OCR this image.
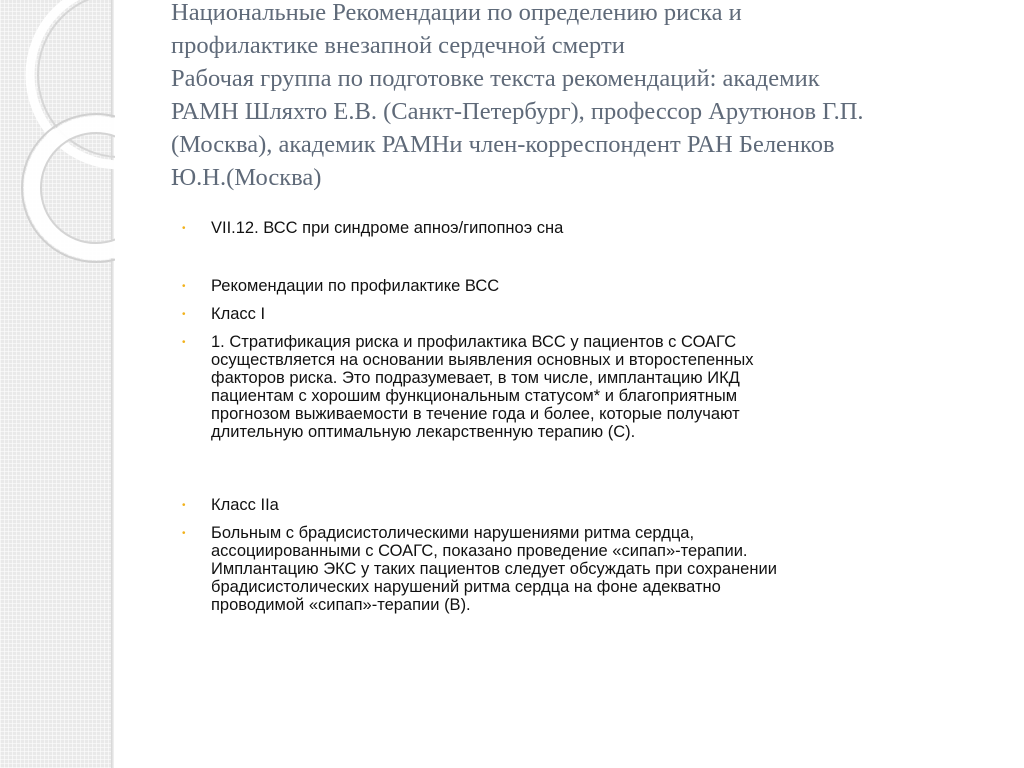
Национальные Рекомендации по определению риска и
профилактике внезапной сердечной смерти
Рабочая группа по подготовке текста рекомендаций: академик
РАМН Шляхто Е.В. (Санкт-Петербург), профессор Арутюнов Г.П.
(Москва), академик РАМНи член-корреспондент РАН Беленков
Ю.Н.(Москва)
• VII.12. ВСС при синдроме апноэ/гипопноэ сна
• Рекомендации по профилактике ВСС
• Класс I
• 1. Стратификация риска и профилактика ВСС у пациентов с СОАГС
осуществляется на основании выявления основных и второстепенных
факторов риска. Это подразумевает, в том числе, имплантацию ИКД
пациентам с хорошим функциональным статусом* и благоприятным
прогнозом выживаемости в течение года и более, которые получают
длительную оптимальную лекарственную терапию (С).
• Класс IIa
• Больным с брадисистолическими нарушениями ритма сердца,
ассоциированными с СОАГС, показано проведение «сипап»-терапии.
Имплантацию ЭКС у таких пациентов следует обсуждать при сохранении
брадисистолических нарушений ритма сердца на фоне адекватно
проводимой «сипап»-терапии (В).
